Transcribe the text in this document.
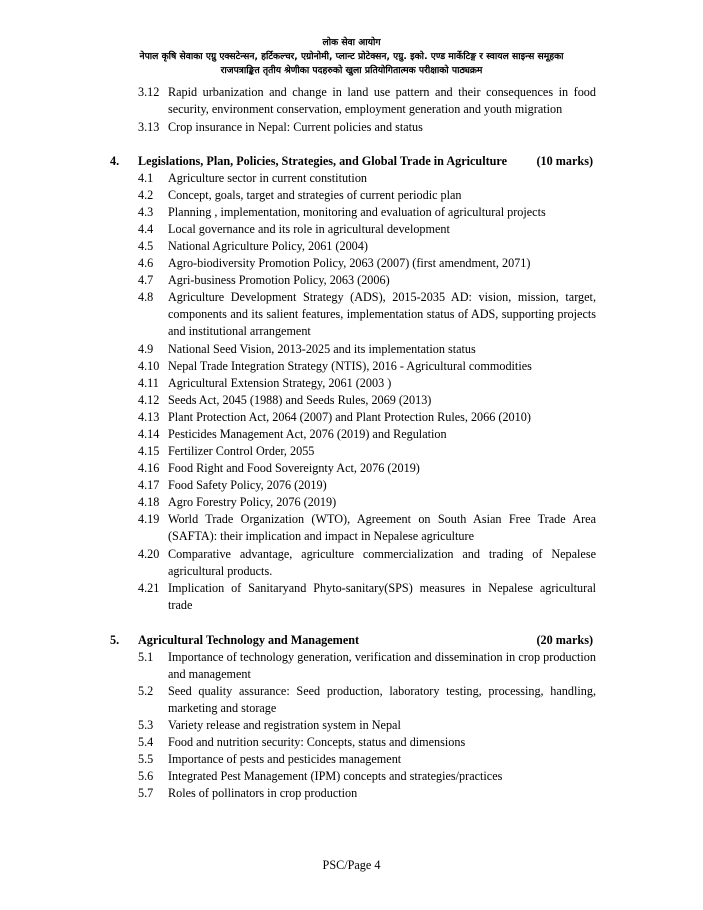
लोक सेवा आयोग
नेपाल कृषि सेवाका एग्रु एक्सटेन्सन, हर्टिकल्चर, एग्रोनोमी, प्लान्ट प्रोटेक्सन, एग्रु. इको. एण्ड मार्केटिङ्ग र स्वायल साइन्स समूहका
राजपत्राङ्कित तृतीय श्रेणीका पदहरुको खुला प्रतियोगितात्मक परीक्षाको पाठ्यक्रम
3.12 Rapid urbanization and change in land use pattern and their consequences in food security, environment conservation, employment generation and youth migration
3.13 Crop insurance in Nepal: Current policies and status
4. Legislations, Plan, Policies, Strategies, and Global Trade in Agriculture (10 marks)
4.1 Agriculture sector in current constitution
4.2 Concept, goals, target and strategies of current periodic plan
4.3 Planning , implementation, monitoring and evaluation of agricultural projects
4.4 Local governance and its role in agricultural development
4.5 National Agriculture Policy, 2061 (2004)
4.6 Agro-biodiversity Promotion Policy, 2063 (2007) (first amendment, 2071)
4.7 Agri-business Promotion Policy, 2063 (2006)
4.8 Agriculture Development Strategy (ADS), 2015-2035 AD: vision, mission, target, components and its salient features, implementation status of ADS, supporting projects and institutional arrangement
4.9 National Seed Vision, 2013-2025 and its implementation status
4.10 Nepal Trade Integration Strategy (NTIS), 2016 - Agricultural commodities
4.11 Agricultural Extension Strategy, 2061 (2003 )
4.12 Seeds Act, 2045 (1988) and Seeds Rules, 2069 (2013)
4.13 Plant Protection Act, 2064 (2007) and Plant Protection Rules, 2066 (2010)
4.14 Pesticides Management Act, 2076 (2019) and Regulation
4.15 Fertilizer Control Order, 2055
4.16 Food Right and Food Sovereignty Act, 2076 (2019)
4.17 Food Safety Policy, 2076 (2019)
4.18 Agro Forestry Policy, 2076 (2019)
4.19 World Trade Organization (WTO), Agreement on South Asian Free Trade Area (SAFTA): their implication and impact in Nepalese agriculture
4.20 Comparative advantage, agriculture commercialization and trading of Nepalese agricultural products.
4.21 Implication of Sanitaryand Phyto-sanitary(SPS) measures in Nepalese agricultural trade
5. Agricultural Technology and Management	(20 marks)
5.1 Importance of technology generation, verification and dissemination in crop production and management
5.2 Seed quality assurance: Seed production, laboratory testing, processing, handling, marketing and storage
5.3 Variety release and registration system in Nepal
5.4 Food and nutrition security: Concepts, status and dimensions
5.5 Importance of pests and pesticides management
5.6 Integrated Pest Management (IPM) concepts and strategies/practices
5.7 Roles of pollinators in crop production
PSC/Page 4
